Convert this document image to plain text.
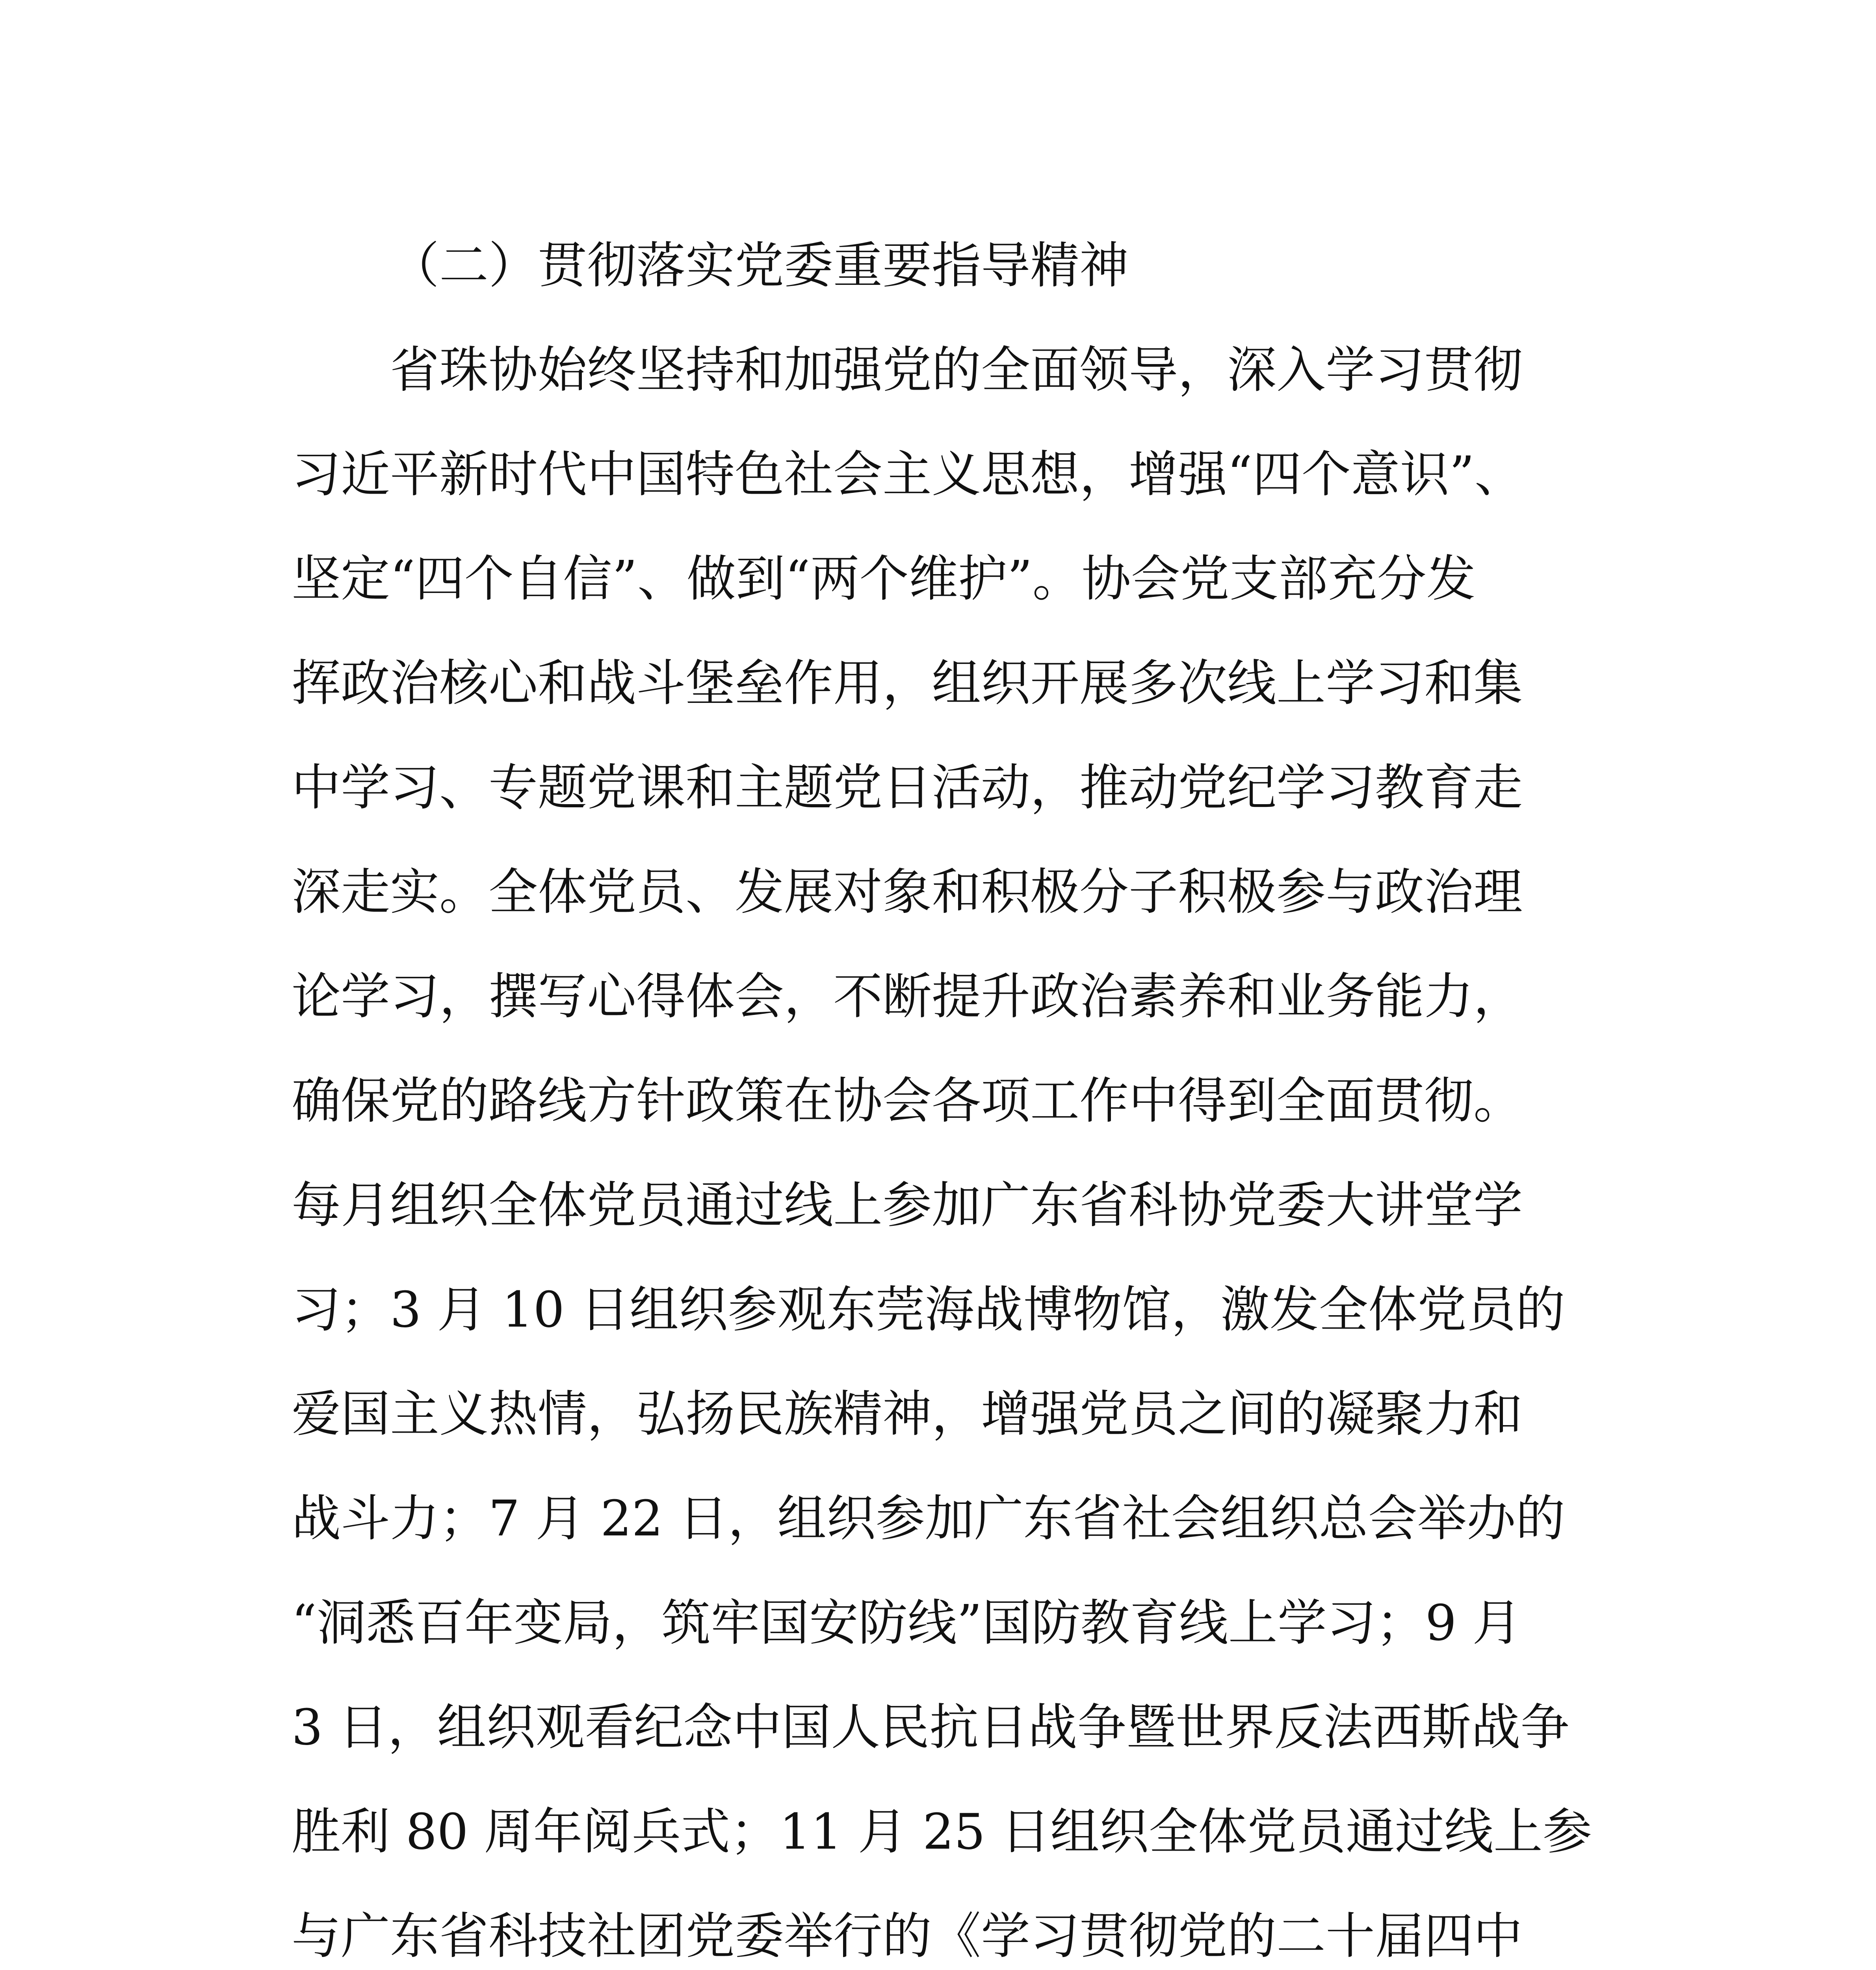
（二）贯彻落实党委重要指导精神

省珠协始终坚持和加强党的全面领导，深入学习贯彻

习近平新时代中国特色社会主义思想，增强“四个意识”、

坚定“四个自信”、做到“两个维护”。协会党支部充分发

挥政治核心和战斗堡垒作用，组织开展多次线上学习和集

中学习、专题党课和主题党日活动，推动党纪学习教育走

深走实。全体党员、发展对象和积极分子积极参与政治理

论学习，撰写心得体会，不断提升政治素养和业务能力，

确保党的路线方针政策在协会各项工作中得到全面贯彻。

每月组织全体党员通过线上参加广东省科协党委大讲堂学

习；3 月 10 日组织参观东莞海战博物馆，激发全体党员的

爱国主义热情，弘扬民族精神，增强党员之间的凝聚力和

战斗力；7 月 22 日，组织参加广东省社会组织总会举办的

“洞悉百年变局，筑牢国安防线”国防教育线上学习；9 月

3 日，组织观看纪念中国人民抗日战争暨世界反法西斯战争

胜利 80 周年阅兵式；11 月 25 日组织全体党员通过线上参

与广东省科技社团党委举行的《学习贯彻党的二十届四中
